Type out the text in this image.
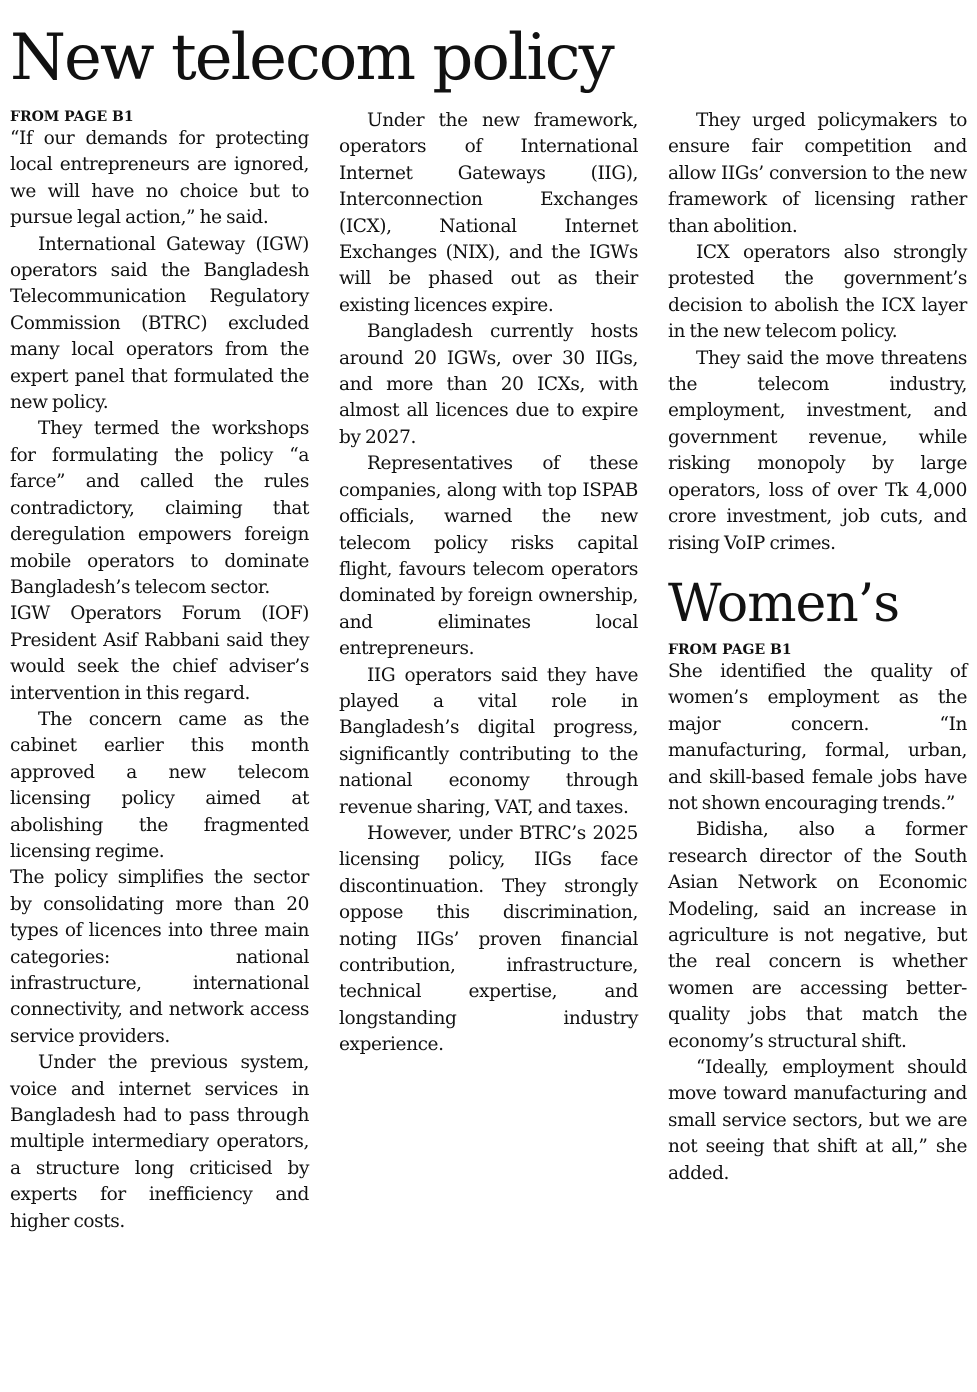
New telecom policy
FROM PAGE B1

“If our demands for protecting local entrepreneurs are ignored, we will have no choice but to pursue legal action,” he said.

International Gateway (IGW) operators said the Bangladesh Telecommunication Regulatory Commission (BTRC) excluded many local operators from the expert panel that formulated the new policy.

They termed the workshops for formulating the policy “a farce” and called the rules contradictory, claiming that deregulation empowers foreign mobile operators to dominate Bangladesh’s telecom sector.

IGW Operators Forum (IOF) President Asif Rabbani said they would seek the chief adviser’s intervention in this regard.

The concern came as the cabinet earlier this month approved a new telecom licensing policy aimed at abolishing the fragmented licensing regime.

The policy simplifies the sector by consolidating more than 20 types of licences into three main categories: national infrastructure, international connectivity, and network access service providers.

Under the previous system, voice and internet services in Bangladesh had to pass through multiple intermediary operators, a structure long criticised by experts for inefficiency and higher costs.

Under the new framework, operators of International Internet Gateways (IIG), Interconnection Exchanges (ICX), National Internet Exchanges (NIX), and the IGWs will be phased out as their existing licences expire.

Bangladesh currently hosts around 20 IGWs, over 30 IIGs, and more than 20 ICXs, with almost all licences due to expire by 2027.

Representatives of these companies, along with top ISPAB officials, warned the new telecom policy risks capital flight, favours telecom operators dominated by foreign ownership, and eliminates local entrepreneurs.

IIG operators said they have played a vital role in Bangladesh’s digital progress, significantly contributing to the national economy through revenue sharing, VAT, and taxes.

However, under BTRC’s 2025 licensing policy, IIGs face discontinuation. They strongly oppose this discrimination, noting IIGs’ proven financial contribution, infrastructure, technical expertise, and longstanding industry experience.

They urged policymakers to ensure fair competition and allow IIGs’ conversion to the new framework of licensing rather than abolition.

ICX operators also strongly protested the government’s decision to abolish the ICX layer in the new telecom policy.

They said the move threatens the telecom industry, employment, investment, and government revenue, while risking monopoly by large operators, loss of over Tk 4,000 crore investment, job cuts, and rising VoIP crimes.

Women’s
FROM PAGE B1

She identified the quality of women’s employment as the major concern. “In manufacturing, formal, urban, and skill-based female jobs have not shown encouraging trends.”

Bidisha, also a former research director of the South Asian Network on Economic Modeling, said an increase in agriculture is not negative, but the real concern is whether women are accessing better-quality jobs that match the economy’s structural shift.

“Ideally, employment should move toward manufacturing and small service sectors, but we are not seeing that shift at all,” she added.
